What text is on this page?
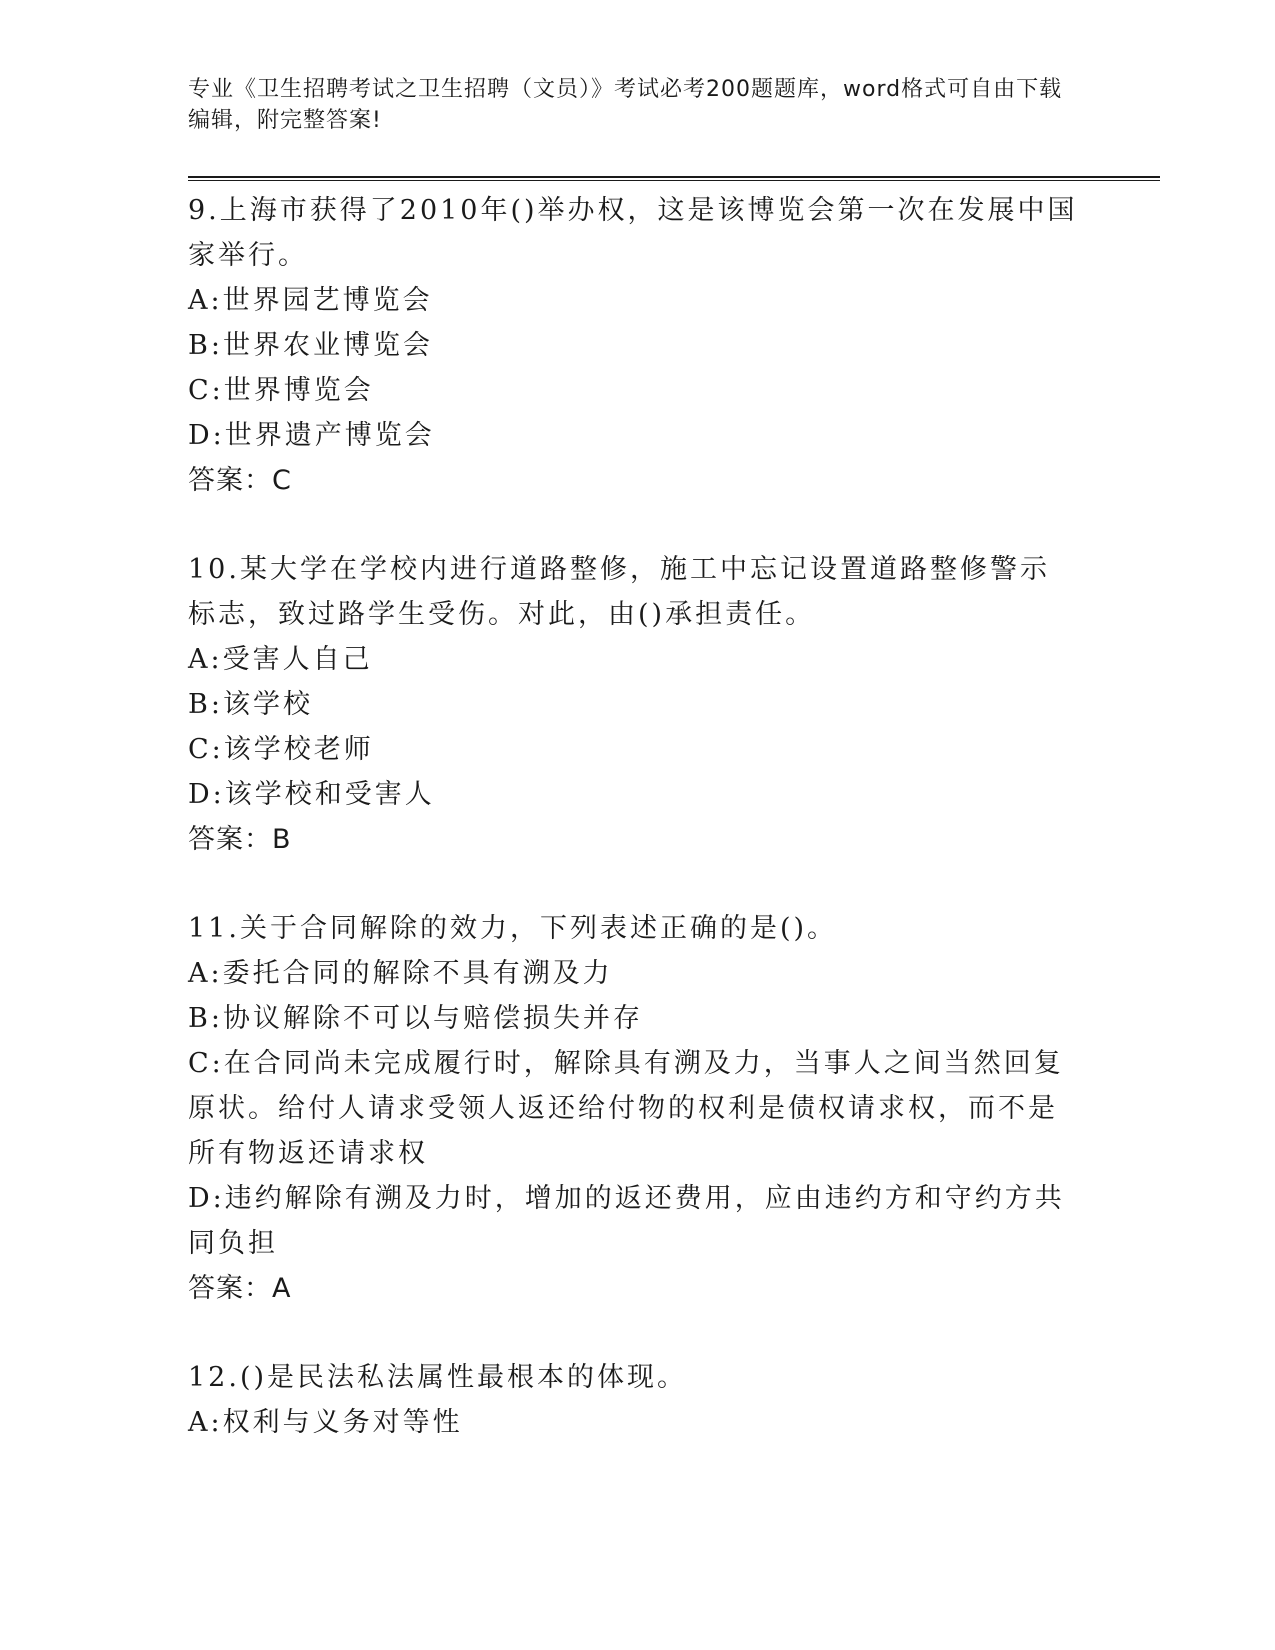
专业《卫生招聘考试之卫生招聘（文员）》考试必考200题题库，word格式可自由下载编辑，附完整答案!

9.上海市获得了2010年()举办权，这是该博览会第一次在发展中国家举行。

A:世界园艺博览会

B:世界农业博览会

C:世界博览会

D:世界遗产博览会

答案：C

10.某大学在学校内进行道路整修，施工中忘记设置道路整修警示标志，致过路学生受伤。对此，由()承担责任。

A:受害人自己

B:该学校

C:该学校老师

D:该学校和受害人

答案：B

11.关于合同解除的效力，下列表述正确的是()。

A:委托合同的解除不具有溯及力

B:协议解除不可以与赔偿损失并存

C:在合同尚未完成履行时，解除具有溯及力，当事人之间当然回复原状。给付人请求受领人返还给付物的权利是债权请求权，而不是所有物返还请求权

D:违约解除有溯及力时，增加的返还费用，应由违约方和守约方共同负担

答案：A

12.()是民法私法属性最根本的体现。

A:权利与义务对等性
